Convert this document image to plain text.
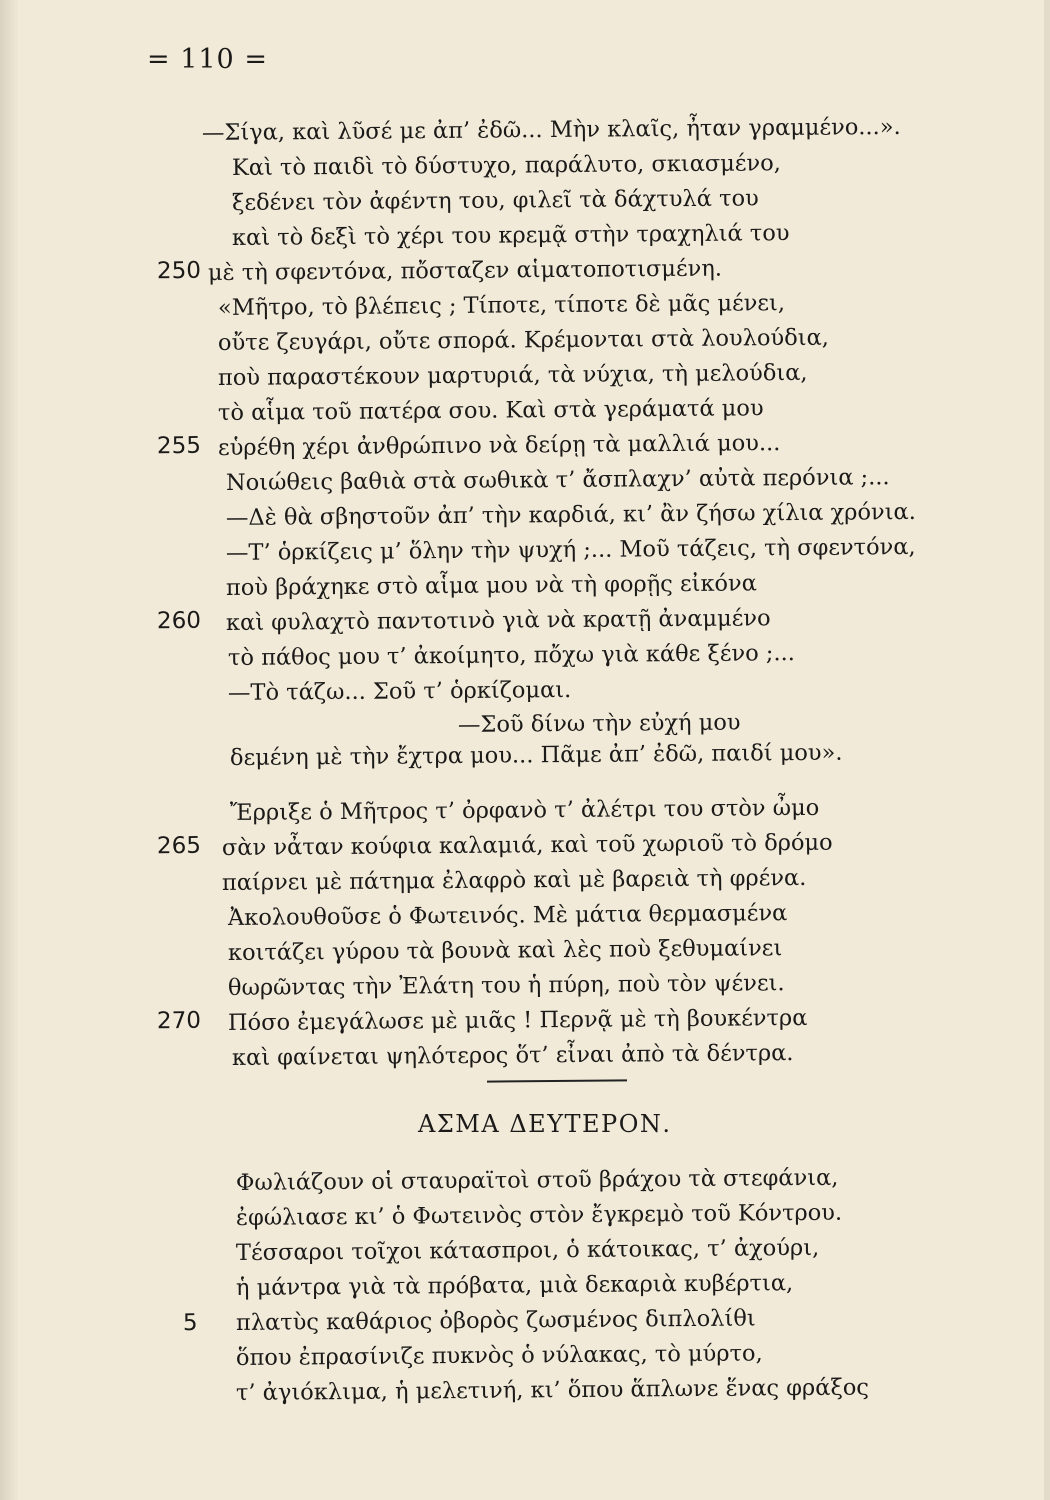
= 110 =
—Σίγα, καὶ λῦσέ με ἀπ’ ἐδῶ... Μὴν κλαῖς, ἦταν γραμμένο...».
Καὶ τὸ παιδὶ τὸ δύστυχο, παράλυτο, σκιασμένο,
ξεδένει τὸν ἀφέντη του, φιλεῖ τὰ δάχτυλά του
καὶ τὸ δεξὶ τὸ χέρι του κρεμᾷ στὴν τραχηλιά του
μὲ τὴ σφεντόνα, πὄσταζεν αἱματοποτισμένη.
«Μῆτρο, τὸ βλέπεις ; Τίποτε, τίποτε δὲ μᾶς μένει,
οὔτε ζευγάρι, οὔτε σπορά. Κρέμονται στὰ λουλούδια,
ποὺ παραστέκουν μαρτυριά, τὰ νύχια, τὴ μελούδια,
τὸ αἷμα τοῦ πατέρα σου. Καὶ στὰ γεράματά μου
εὑρέθη χέρι ἀνθρώπινο νὰ δείρῃ τὰ μαλλιά μου...
Νοιώθεις βαθιὰ στὰ σωθικὰ τ’ ἄσπλαχν’ αὐτὰ περόνια ;...
—Δὲ θὰ σβηστοῦν ἀπ’ τὴν καρδιά, κι’ ἂν ζήσω χίλια χρόνια.
—Τ’ ὁρκίζεις μ’ ὅλην τὴν ψυχή ;... Μοῦ τάζεις, τὴ σφεντόνα,
ποὺ βράχηκε στὸ αἷμα μου νὰ τὴ φορῇς εἰκόνα
καὶ φυλαχτὸ παντοτινὸ γιὰ νὰ κρατῇ ἀναμμένο
τὸ πάθος μου τ’ ἀκοίμητο, πὄχω γιὰ κάθε ξένο ;...
—Τὸ τάζω... Σοῦ τ’ ὁρκίζομαι.
—Σοῦ δίνω τὴν εὐχή μου
δεμένη μὲ τὴν ἔχτρα μου... Πᾶμε ἀπ’ ἐδῶ, παιδί μου».
Ἔρριξε ὁ Μῆτρος τ’ ὀρφανὸ τ’ ἀλέτρι του στὸν ὦμο
σὰν νἆταν κούφια καλαμιά, καὶ τοῦ χωριοῦ τὸ δρόμο
παίρνει μὲ πάτημα ἐλαφρὸ καὶ μὲ βαρειὰ τὴ φρένα.
Ἀκολουθοῦσε ὁ Φωτεινός. Μὲ μάτια θερμασμένα
κοιτάζει γύρου τὰ βουνὰ καὶ λὲς ποὺ ξεθυμαίνει
θωρῶντας τὴν Ἐλάτη του ἡ πύρη, ποὺ τὸν ψένει.
Πόσο ἐμεγάλωσε μὲ μιᾶς ! Περνᾷ μὲ τὴ βουκέντρα
καὶ φαίνεται ψηλότερος ὅτ’ εἶναι ἀπὸ τὰ δέντρα.
250
255
260
265
270
ΑΣΜΑ ΔΕΥΤΕΡΟΝ.
Φωλιάζουν οἱ σταυραϊτοὶ στοῦ βράχου τὰ στεφάνια,
ἐφώλιασε κι’ ὁ Φωτεινὸς στὸν ἔγκρεμὸ τοῦ Κόντρου.
Τέσσαροι τοῖχοι κάτασπροι, ὁ κάτοικας, τ’ ἀχούρι,
ἡ μάντρα γιὰ τὰ πρόβατα, μιὰ δεκαριὰ κυβέρτια,
πλατὺς καθάριος ὀβορὸς ζωσμένος διπλολίθι
ὅπου ἐπρασίνιζε πυκνὸς ὁ νύλακας, τὸ μύρτο,
τ’ ἀγιόκλιμα, ἡ μελετινή, κι’ ὅπου ἅπλωνε ἕνας φράξος
5
